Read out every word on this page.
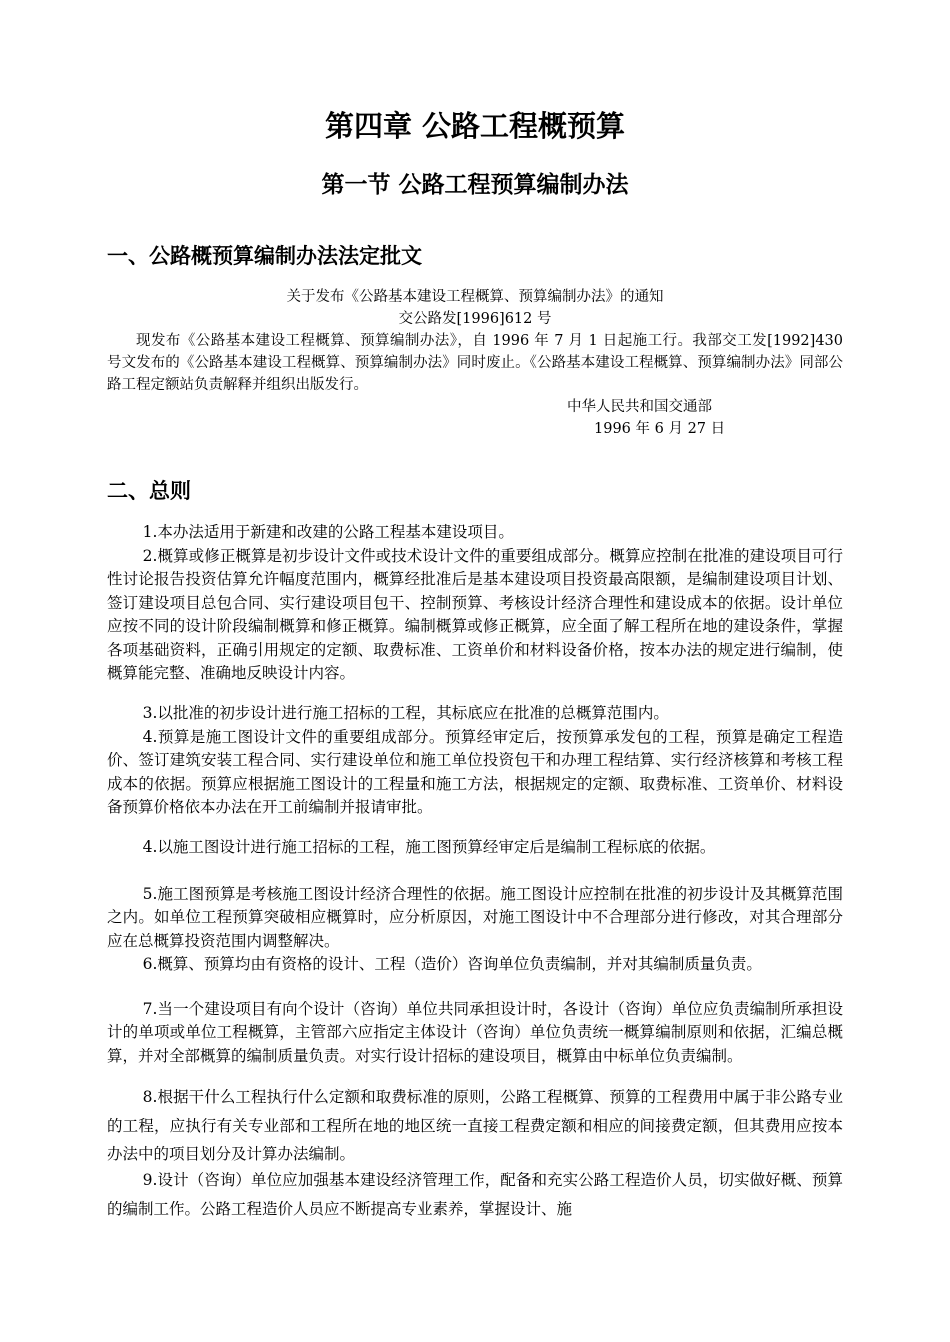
第四章 公路工程概预算
第一节 公路工程预算编制办法
一、公路概预算编制办法法定批文
关于发布《公路基本建设工程概算、预算编制办法》的通知
交公路发[1996]612 号
现发布《公路基本建设工程概算、预算编制办法》，自 1996 年 7 月 1 日起施工行。我部交工发[1992]430 号文发布的《公路基本建设工程概算、预算编制办法》同时废止。《公路基本建设工程概算、预算编制办法》同部公路工程定额站负责解释并组织出版发行。
中华人民共和国交通部
1996 年 6 月 27 日
二、总则

1.本办法适用于新建和改建的公路工程基本建设项目。

2.概算或修正概算是初步设计文件或技术设计文件的重要组成部分。概算应控制在批准的建设项目可行性讨论报告投资估算允许幅度范围内，概算经批准后是基本建设项目投资最高限额，是编制建设项目计划、签订建设项目总包合同、实行建设项目包干、控制预算、考核设计经济合理性和建设成本的依据。设计单位应按不同的设计阶段编制概算和修正概算。编制概算或修正概算，应全面了解工程所在地的建设条件，掌握各项基础资料，正确引用规定的定额、取费标准、工资单价和材料设备价格，按本办法的规定进行编制，使概算能完整、准确地反映设计内容。

3.以批准的初步设计进行施工招标的工程，其标底应在批准的总概算范围内。

4.预算是施工图设计文件的重要组成部分。预算经审定后，按预算承发包的工程，预算是确定工程造价、签订建筑安装工程合同、实行建设单位和施工单位投资包干和办理工程结算、实行经济核算和考核工程成本的依据。预算应根据施工图设计的工程量和施工方法，根据规定的定额、取费标准、工资单价、材料设备预算价格依本办法在开工前编制并报请审批。

4.以施工图设计进行施工招标的工程，施工图预算经审定后是编制工程标底的依据。

5.施工图预算是考核施工图设计经济合理性的依据。施工图设计应控制在批准的初步设计及其概算范围之内。如单位工程预算突破相应概算时，应分析原因，对施工图设计中不合理部分进行修改，对其合理部分应在总概算投资范围内调整解决。

6.概算、预算均由有资格的设计、工程（造价）咨询单位负责编制，并对其编制质量负责。

7.当一个建设项目有向个设计（咨询）单位共同承担设计时，各设计（咨询）单位应负责编制所承担设计的单项或单位工程概算，主管部六应指定主体设计（咨询）单位负责统一概算编制原则和依据，汇编总概算，并对全部概算的编制质量负责。对实行设计招标的建设项目，概算由中标单位负责编制。

8.根据干什么工程执行什么定额和取费标准的原则，公路工程概算、预算的工程费用中属于非公路专业的工程，应执行有关专业部和工程所在地的地区统一直接工程费定额和相应的间接费定额，但其费用应按本办法中的项目划分及计算办法编制。

9.设计（咨询）单位应加强基本建设经济管理工作，配备和充实公路工程造价人员，切实做好概、预算的编制工作。公路工程造价人员应不断提高专业素养，掌握设计、施
